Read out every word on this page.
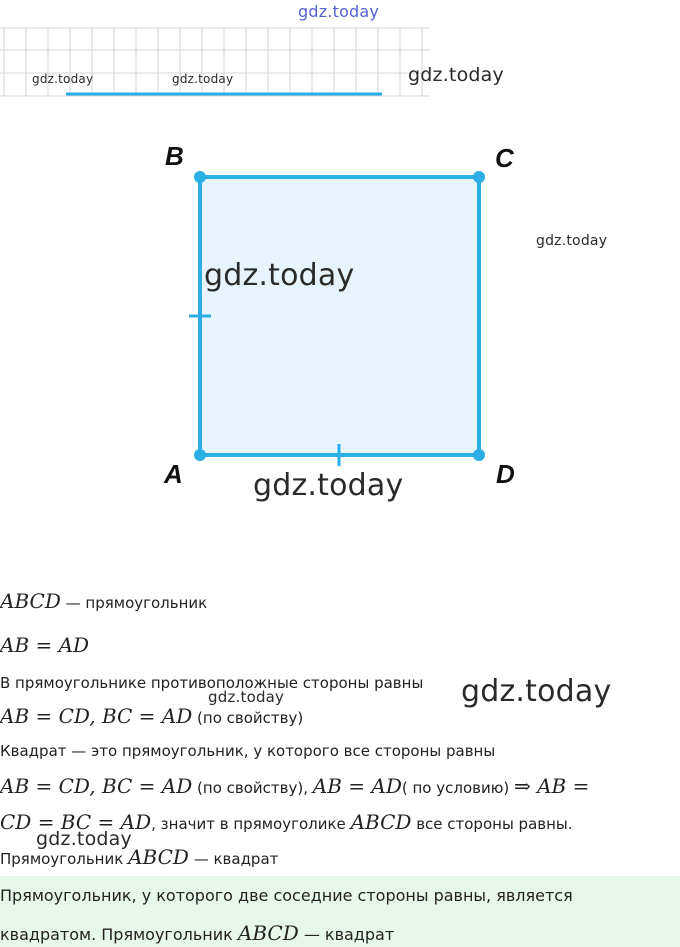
gdz.today
gdz.today	gdz.today	gdz.today
B	C
A	D
gdz.today
gdz.today
gdz.today
ABCD — прямоугольник
AB = AD
В прямоугольнике противоположные стороны равны
AB = CD, BC = AD (по свойству)
Квадрат — это прямоугольник, у которого все стороны равны
AB = CD, BC = AD (по свойству), AB = AD( по условию) ⇒ AB =
CD = BC = AD, значит в прямоуголике ABCD все стороны равны.
Прямоугольник ABCD — квадрат
gdz.today
gdz.today
gdz.today
Прямоугольник, у которого две соседние стороны равны, является
квадратом. Прямоугольник ABCD — квадрат
